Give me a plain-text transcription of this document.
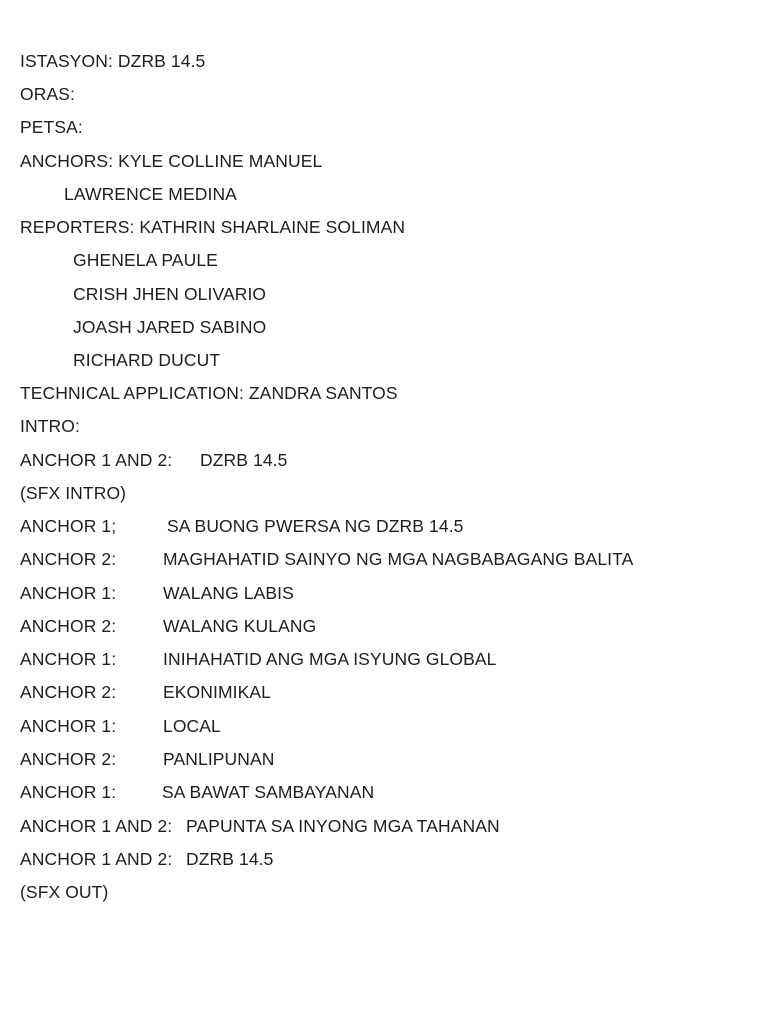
ISTASYON: DZRB 14.5
ORAS:
PETSA:
ANCHORS: KYLE COLLINE MANUEL
LAWRENCE MEDINA
REPORTERS: KATHRIN SHARLAINE SOLIMAN
GHENELA PAULE
CRISH JHEN OLIVARIO
JOASH JARED SABINO
RICHARD DUCUT
TECHNICAL APPLICATION: ZANDRA SANTOS
INTRO:
ANCHOR 1 AND 2: DZRB 14.5
(SFX INTRO)
ANCHOR 1;	SA BUONG PWERSA NG DZRB 14.5
ANCHOR 2:	MAGHAHATID SAINYO NG MGA NAGBABAGANG BALITA
ANCHOR 1:	WALANG LABIS
ANCHOR 2:	WALANG KULANG
ANCHOR 1:	INIHAHATID ANG MGA ISYUNG GLOBAL
ANCHOR 2:	EKONIMIKAL
ANCHOR 1:	LOCAL
ANCHOR 2:	PANLIPUNAN
ANCHOR 1:	SA BAWAT SAMBAYANAN
ANCHOR 1 AND 2: PAPUNTA SA INYONG MGA TAHANAN
ANCHOR 1 AND 2: DZRB 14.5
(SFX OUT)
